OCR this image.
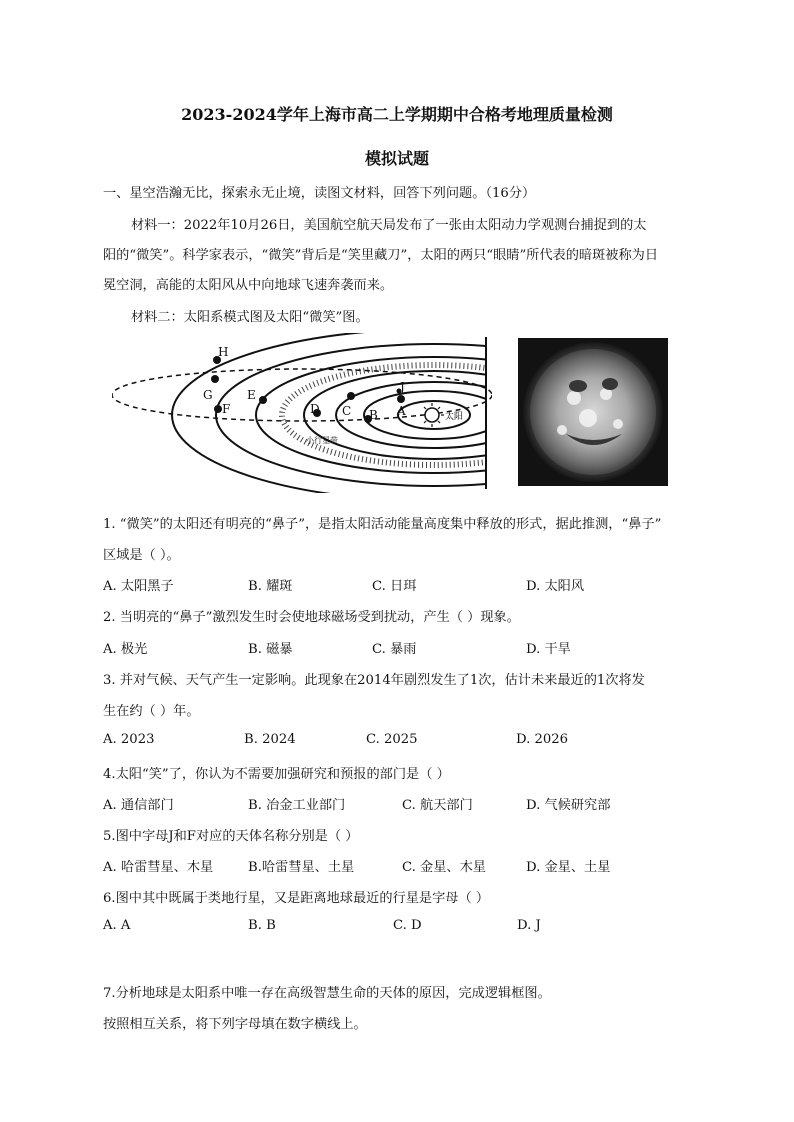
2023-2024学年上海市高二上学期期中合格考地理质量检测
模拟试题
一、星空浩瀚无比，探索永无止境，读图文材料，回答下列问题。（16分）
材料一：2022年10月26日，美国航空航天局发布了一张由太阳动力学观测台捕捉到的太
阳的“微笑”。科学家表示，“微笑”背后是“笑里藏刀”，太阳的两只“眼睛”所代表的暗斑被称为日
冕空洞，高能的太阳风从中向地球飞速奔袭而来。
材料二：太阳系模式图及太阳“微笑”图。
太阳
H
G	E
F	D C B A
J
小行星带
1. “微笑”的太阳还有明亮的“鼻子”，是指太阳活动能量高度集中释放的形式，据此推测，“鼻子”
区域是（ ）。
A. 太阳黑子	B. 耀斑	C. 日珥	D. 太阳风
2. 当明亮的“鼻子”激烈发生时会使地球磁场受到扰动，产生（ ）现象。
A. 极光	B. 磁暴	C. 暴雨	D. 干旱
3. 并对气候、天气产生一定影响。此现象在2014年剧烈发生了1次，估计未来最近的1次将发
生在约（ ）年。
A. 2023	B. 2024	C. 2025	D. 2026
4.太阳“笑”了，你认为不需要加强研究和预报的部门是（ ）
A. 通信部门	B. 冶金工业部门	C. 航天部门	D. 气候研究部
5.图中字母J和F对应的天体名称分别是（ ）
A. 哈雷彗星、木星	B.哈雷彗星、土星	C. 金星、木星	D. 金星、土星
6.图中其中既属于类地行星，又是距离地球最近的行星是字母（ ）
A. A	B. B	C. D	D. J
7.分析地球是太阳系中唯一存在高级智慧生命的天体的原因，完成逻辑框图。
按照相互关系，将下列字母填在数字横线上。
